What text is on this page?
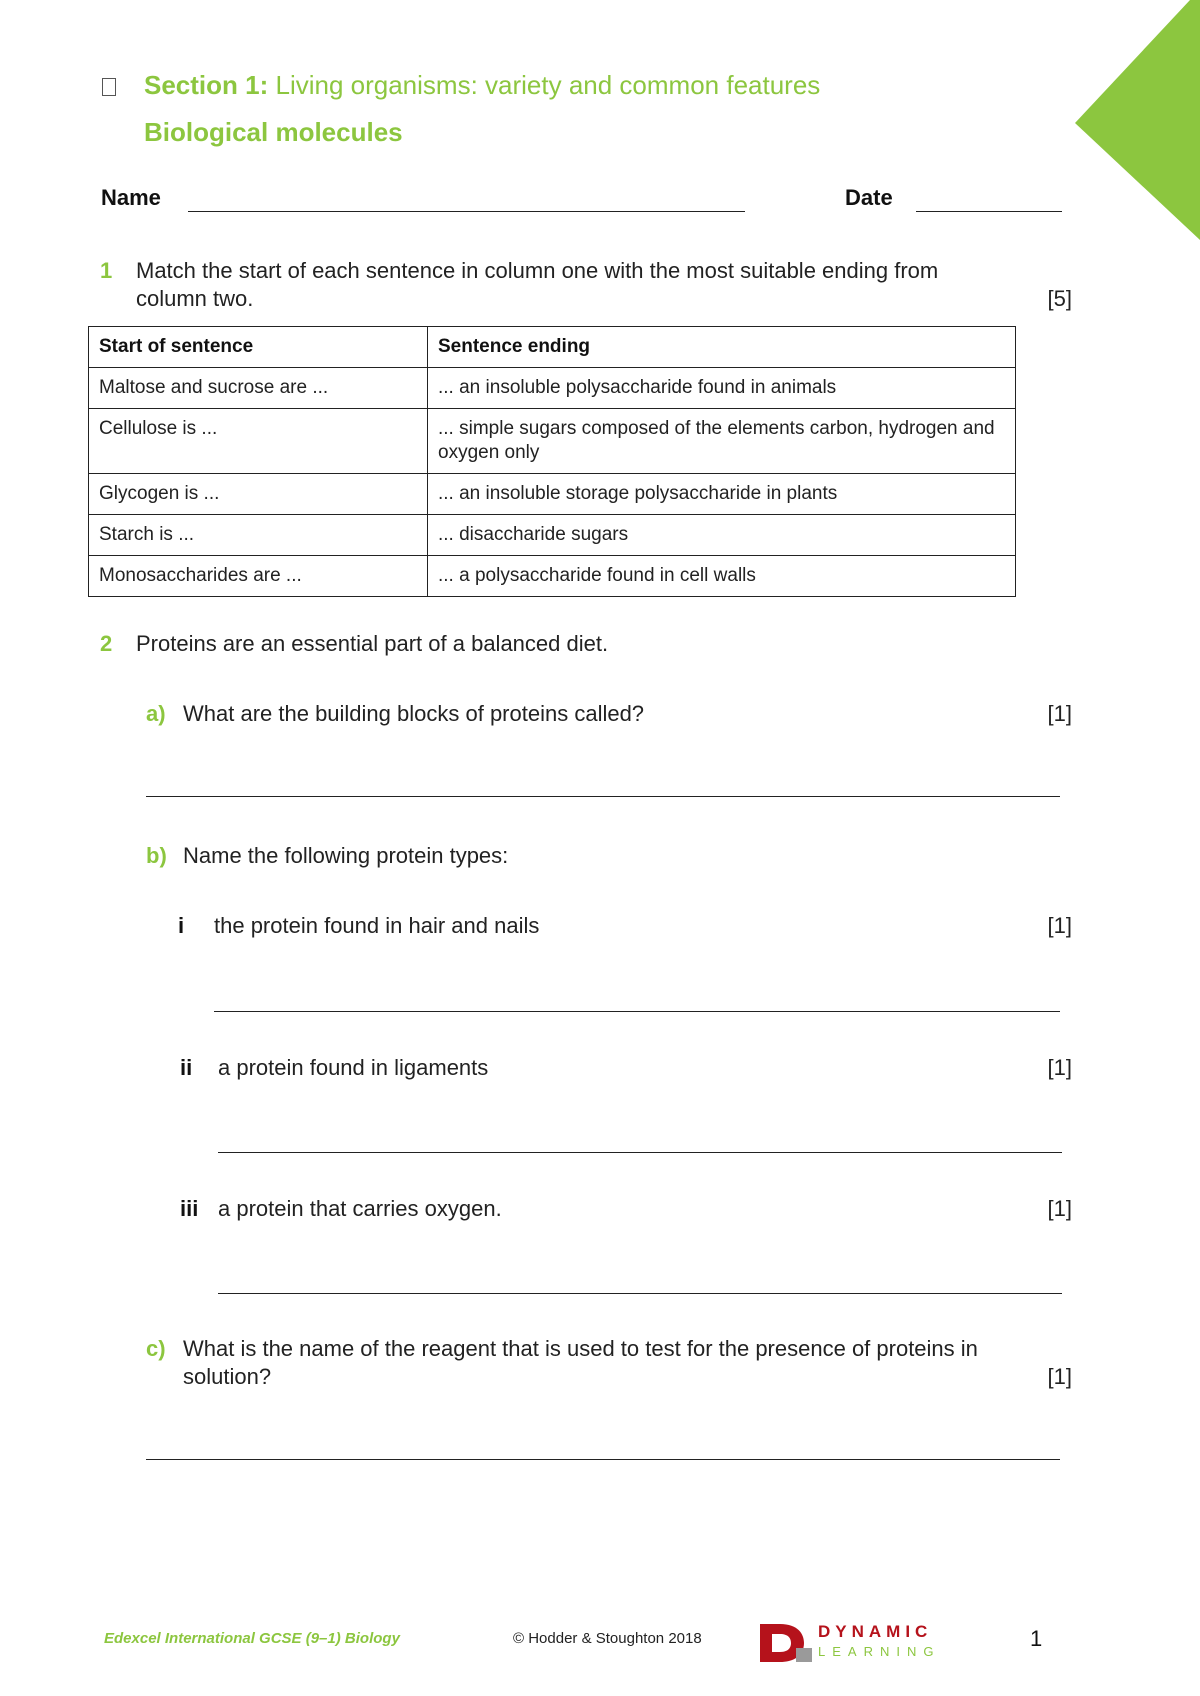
Section 1: Living organisms: variety and common features
Biological molecules
Name	Date
1 Match the start of each sentence in column one with the most suitable ending from
column two.	[5]
Start of sentence	Sentence ending
Maltose and sucrose are ...	... an insoluble polysaccharide found in animals
Cellulose is ...	... simple sugars composed of the elements carbon, hydrogen and oxygen only
Glycogen is ...	... an insoluble storage polysaccharide in plants
Starch is ...	... disaccharide sugars
Monosaccharides are ...	... a polysaccharide found in cell walls
2 Proteins are an essential part of a balanced diet.
a) What are the building blocks of proteins called?	[1]
b) Name the following protein types:
i the protein found in hair and nails	[1]
ii a protein found in ligaments	[1]
iii a protein that carries oxygen.	[1]
c) What is the name of the reagent that is used to test for the presence of proteins in
solution?	[1]
Edexcel International GCSE (9–1) Biology	© Hodder & Stoughton 2018	DYNAMIC
LEARNING
1
